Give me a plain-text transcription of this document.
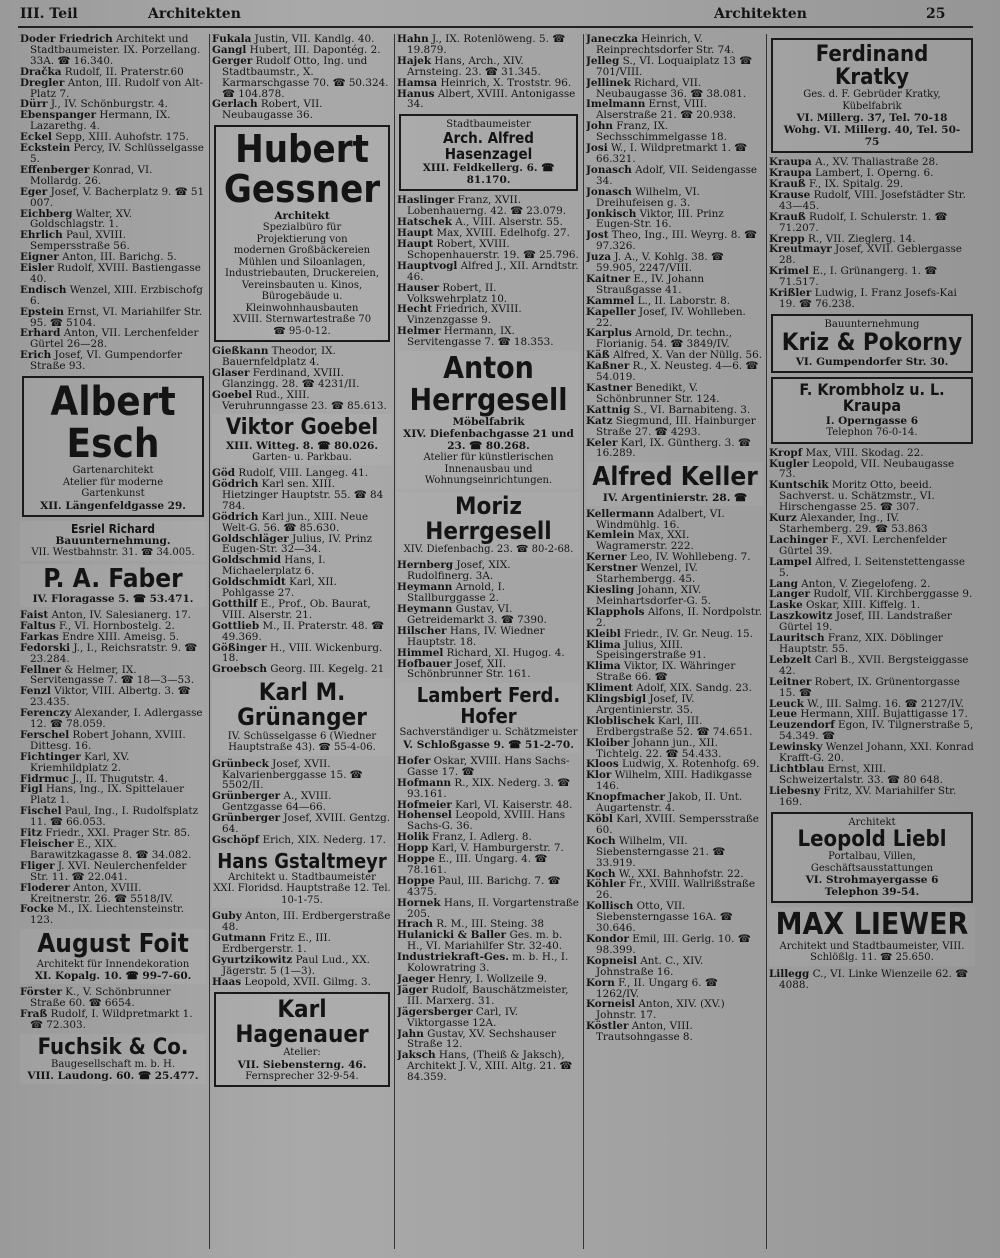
III. Teil	Architekten	Architekten	25

Doder Friedrich Architekt und Stadtbaumeister. IX. Porzellang. 33A. ☎ 16.340.

Dračka Rudolf, II. Praterstr.60

Dregler Anton, III. Rudolf von Alt-Platz 7.

Dürr J., IV. Schönburgstr. 4.

Ebenspanger Hermann, IX. Lazarethg. 4.

Eckel Sepp, XIII. Auhofstr. 175.

Eckstein Percy, IV. Schlüsselgasse 5.

Effenberger Konrad, VI. Mollardg. 26.

Eger Josef, V. Bacherplatz 9. ☎ 51 007.

Eichberg Walter, XV. Goldschlagstr. 1.

Ehrlich Paul, XVIII. Sempersstraße 56.

Eigner Anton, III. Barichg. 5.

Eisler Rudolf, XVIII. Bastiengasse 40.

Endisch Wenzel, XIII. Erzbischofg 6.

Epstein Ernst, VI. Mariahilfer Str. 95. ☎ 5104.

Erhard Anton, VII. Lerchenfelder Gürtel 26—28.

Erich Josef, VI. Gumpendorfer Straße 93.

Albert Esch
Gartenarchitekt
Atelier für moderne
Gartenkunst
XII. Längenfeldgasse 29.
Esriel Richard
Bauunternehmung.
VII. Westbahnstr. 31. ☎ 34.005.
P. A. Faber
IV. Floragasse 5. ☎ 53.471.

Faist Anton, IV. Salesianerg. 17.

Faltus F., VI. Hornbostelg. 2.

Farkas Endre XIII. Ameisg. 5.

Fedorski J., I., Reichsratstr. 9. ☎ 23.284.

Fellner & Helmer, IX. Servitengasse 7. ☎ 18—3—53.

Fenzl Viktor, VIII. Albertg. 3. ☎ 23.435.

Ferenczy Alexander, I. Adlergasse 12. ☎ 78.059.

Ferschel Robert Johann, XVIII. Dittesg. 16.

Fichtinger Karl, XV. Kriemhildplatz 2.

Fidrmuc J., II. Thugutstr. 4.

Figl Hans, Ing., IX. Spittelauer Platz 1.

Fischel Paul, Ing., I. Rudolfsplatz 11. ☎ 66.053.

Fitz Friedr., XXI. Prager Str. 85.

Fleischer E., XIX. Barawitzkagasse 8. ☎ 34.082.

Fliger J. XVI. Neulerchenfelder Str. 11. ☎ 22.041.

Floderer Anton, XVIII. Kreitnerstr. 26. ☎ 5518/IV.

Focke M., IX. Liechtensteinstr. 123.

August Foit
Architekt für Innendekoration
XI. Kopalg. 10. ☎ 99-7-60.

Förster K., V. Schönbrunner Straße 60. ☎ 6654.

Fraß Rudolf, I. Wildpretmarkt 1. ☎ 72.303.

Fuchsik & Co.
Baugesellschaft m. b. H.
VIII. Laudong. 60. ☎ 25.477.

Fukala Justin, VII. Kandlg. 40.

Gangl Hubert, III. Dapontég. 2.

Gerger Rudolf Otto, Ing. und Stadtbaumstr., X. Karmarschgasse 70. ☎ 50.324. ☎ 104.878.

Gerlach Robert, VII. Neubaugasse 36.

Hubert Gessner
Architekt
Spezialbüro für
Projektierung von
modernen Großbäckereien
Mühlen und Siloanlagen, Industriebauten, Druckereien, Vereinsbauten u. Kinos, Bürogebäude u. Kleinwohnhausbauten
XVIII. Sternwartestraße 70
☎ 95-0-12.

Gießkann Theodor, IX. Bauernfeldplatz 4.

Glaser Ferdinand, XVIII. Glanzingg. 28. ☎ 4231/II.

Goebel Rud., XIII. Veruhrunngasse 23. ☎ 85.613.

Viktor Goebel
XIII. Witteg. 8. ☎ 80.026.
Garten- u. Parkbau.

Göd Rudolf, VIII. Langeg. 41.

Gödrich Karl sen. XIII. Hietzinger Hauptstr. 55. ☎ 84 784.

Gödrich Karl jun., XIII. Neue Welt-G. 56. ☎ 85.630.

Goldschläger Julius, IV. Prinz Eugen-Str. 32—34.

Goldschmid Hans, I. Michaelerplatz 6.

Goldschmidt Karl, XII. Pohlgasse 27.

Gotthilf E., Prof., Ob. Baurat, VIII. Alserstr. 21.

Gottlieb M., II. Praterstr. 48. ☎ 49.369.

Gößinger H., VIII. Wickenburg. 18.

Groebsch Georg. III. Kegelg. 21

Karl M. Grünanger
IV. Schüsselgasse 6 (Wiedner Hauptstraße 43). ☎ 55-4-06.

Grünbeck Josef, XVII. Kalvarienberggasse 15. ☎ 5502/II.

Grünberger A., XVIII. Gentzgasse 64—66.

Grünberger Josef, XVIII. Gentzg. 64.

Gschöpf Erich, XIX. Nederg. 17.

Hans Gstaltmeyr
Architekt u. Stadtbaumeister
XXI. Floridsd. Hauptstraße 12. Tel. 10-1-75.

Guby Anton, III. Erdbergerstraße 48.

Gutmann Fritz E., III. Erdbergerstr. 1.

Gyurtzikowitz Paul Lud., XX. Jägerstr. 5 (1—3).

Haas Leopold, XVII. Gilmg. 3.

Karl Hagenauer
Atelier:
VII. Siebensterng. 46.
Fernsprecher 32-9-54.

Hahn J., IX. Rotenlöweng. 5. ☎ 19.879.

Hajek Hans, Arch., XIV. Arnsteing. 23. ☎ 31.345.

Hamsa Heinrich, X. Troststr. 96.

Hanus Albert, XVIII. Antonigasse 34.

Stadtbaumeister
Arch. Alfred Hasenzagel
XIII. Feldkellerg. 6. ☎ 81.170.

Haslinger Franz, XVII. Lobenhauerng. 42. ☎ 23.079.

Hatschek A., VIII. Alserstr. 55.

Haupt Max, XVIII. Edelhofg. 27.

Haupt Robert, XVIII. Schopenhauerstr. 19. ☎ 25.796.

Hauptvogl Alfred J., XII. Arndtstr. 46.

Hauser Robert, II. Volkswehrplatz 10.

Hecht Friedrich, XVIII. Vinzenzgasse 9.

Helmer Hermann, IX. Servitengasse 7. ☎ 18.353.

Anton Herrgesell
Möbelfabrik
XIV. Diefenbachgasse 21 und 23. ☎ 80.268.
Atelier für künstlerischen Innenausbau und Wohnungseinrichtungen.
Moriz Herrgesell
XIV. Diefenbachg. 23. ☎ 80-2-68.

Hernberg Josef, XIX. Rudolfinerg. 3A.

Heymann Arnold, I. Stallburggasse 2.

Heymann Gustav, VI. Getreidemarkt 3. ☎ 7390.

Hilscher Hans, IV. Wiedner Hauptstr. 18.

Himmel Richard, XI. Hugog. 4.

Hofbauer Josef, XII. Schönbrunner Str. 161.

Lambert Ferd. Hofer
Sachverständiger u. Schätzmeister
V. Schloßgasse 9. ☎ 51-2-70.

Hofer Oskar, XVIII. Hans Sachs-Gasse 17. ☎

Hofmann R., XIX. Nederg. 3. ☎ 93.161.

Hofmeier Karl, VI. Kaiserstr. 48.

Hohensel Leopold, XVIII. Hans Sachs-G. 36.

Holik Franz, I. Adlerg. 8.

Hopp Karl, V. Hamburgerstr. 7.

Hoppe E., III. Ungarg. 4. ☎ 78.161.

Hoppe Paul, III. Barichg. 7. ☎ 4375.

Hornek Hans, II. Vorgartenstraße 205.

Hrach R. M., III. Steing. 38

Hulanicki & Baller Ges. m. b. H., VI. Mariahilfer Str. 32-40.

Industriekraft-Ges. m. b. H., I. Kolowratring 3.

Jaeger Henry, I. Wollzeile 9.

Jäger Rudolf, Bauschätzmeister, III. Marxerg. 31.

Jägersberger Carl, IV. Viktorgasse 12A.

Jahn Gustav, XV. Sechshauser Straße 12.

Jaksch Hans, (Theiß & Jaksch), Architekt J. V., XIII. Altg. 21. ☎ 84.359.

Janeczka Heinrich, V. Reinprechtsdorfer Str. 74.

Jelleg S., VI. Loquaiplatz 13 ☎ 701/VIII.

Jellinek Richard, VII. Neubaugasse 36. ☎ 38.081.

Imelmann Ernst, VIII. Alserstraße 21. ☎ 20.938.

John Franz, IX. Sechsschimmelgasse 18.

Josi W., I. Wildpretmarkt 1. ☎ 66.321.

Jonasch Adolf, VII. Seidengasse 34.

Jonasch Wilhelm, VI. Dreihufeisen g. 3.

Jonkisch Viktor, III. Prinz Eugen-Str. 16.

Jost Theo, Ing., III. Weyrg. 8. ☎ 97.326.

Juza J. A., V. Kohlg. 38. ☎ 59.905, 2247/VIII.

Kaitner E., IV. Johann Straußgasse 41.

Kammel L., II. Laborstr. 8.

Kapeller Josef, IV. Wohlleben. 22.

Karplus Arnold, Dr. techn., Florianig. 54. ☎ 3849/IV.

Käß Alfred, X. Van der Nüllg. 56.

Kaßner R., X. Neusteg. 4—6. ☎ 54.019.

Kastner Benedikt, V. Schönbrunner Str. 124.

Kattnig S., VI. Barnabiteng. 3.

Katz Siegmund, III. Hainburger Straße 27. ☎ 4293.

Keler Karl, IX. Güntherg. 3. ☎ 16.289.

Alfred Keller
IV. Argentinierstr. 28. ☎

Kellermann Adalbert, VI. Windmühlg. 16.

Kemlein Max, XXI. Wagramerstr. 222.

Kerner Leo, IV. Wohllebeng. 7.

Kerstner Wenzel, IV. Starhembergg. 45.

Kiesling Johann, XIV. Meinhartsdorfer-G. 5.

Klapphols Alfons, II. Nordpolstr. 2.

Kleibl Friedr., IV. Gr. Neug. 15.

Klima Julius, XIII. Speisingerstraße 91.

Klima Viktor, IX. Währinger Straße 66. ☎

Kliment Adolf, XIX. Sandg. 23.

Klingsbigl Josef, IV. Argentinierstr. 35.

Kloblischek Karl, III. Erdbergstraße 52. ☎ 74.651.

Kloiber Johann jun., XII. Tichtelg. 22. ☎ 54.433.

Kloos Ludwig, X. Rotenhofg. 69.

Klor Wilhelm, XIII. Hadikgasse 146.

Knopfmacher Jakob, II. Unt. Augartenstr. 4.

Köbl Karl, XVIII. Sempersstraße 60.

Koch Wilhelm, VII. Siebensterngasse 21. ☎ 33.919.

Koch W., XXI. Bahnhofstr. 22.

Köhler Fr., XVIII. Wallrißstraße 26.

Kollisch Otto, VII. Siebensterngasse 16A. ☎ 30.646.

Kondor Emil, III. Gerlg. 10. ☎ 98.399.

Kopneisl Ant. C., XIV. Johnstraße 16.

Korn F., II. Ungarg 6. ☎ 1262/IV.

Korneisl Anton, XIV. (XV.) Johnstr. 17.

Köstler Anton, VIII. Trautsohngasse 8.

Ferdinand Kratky
Ges. d. F. Gebrüder Kratky, Kübelfabrik
VI. Millerg. 37, Tel. 70-18
Wohg. VI. Millerg. 40, Tel. 50-75

Kraupa A., XV. Thaliastraße 28.

Kraupa Lambert, I. Operng. 6.

Krauß F., IX. Spitalg. 29.

Krause Rudolf, VIII. Josefstädter Str. 43—45.

Krauß Rudolf, I. Schulerstr. 1. ☎ 71.207.

Krepp R., VII. Zieglerg. 14.

Kreutmayr Josef, XVII. Geblergasse 28.

Krimel E., I. Grünangerg. 1. ☎ 71.517.

Krißler Ludwig, I. Franz Josefs-Kai 19. ☎ 76.238.

Bauunternehmung
Kriz & Pokorny
VI. Gumpendorfer Str. 30.
F. Krombholz u. L. Kraupa
I. Operngasse 6
Telephon 76-0-14.

Kropf Max, VIII. Skodag. 22.

Kugler Leopold, VII. Neubaugasse 73.

Kuntschik Moritz Otto, beeid. Sachverst. u. Schätzmstr., VI. Hirschengasse 25. ☎ 307.

Kurz Alexander, Ing., IV. Starhemberg. 29. ☎ 53.863

Lachinger F., XVI. Lerchenfelder Gürtel 39.

Lampel Alfred, I. Seitenstettengasse 5.

Lang Anton, V. Ziegelofeng. 2.

Langer Rudolf, VII. Kirchberggasse 9.

Laske Oskar, XIII. Kiffelg. 1.

Laszkowitz Josef, III. Landstraßer Gürtel 19.

Lauritsch Franz, XIX. Döblinger Hauptstr. 55.

Lebzelt Carl B., XVII. Bergsteiggasse 42.

Leitner Robert, IX. Grünentorgasse 15. ☎

Leuck W., III. Salmg. 16. ☎ 2127/IV.

Leue Hermann, XIII. Bujattigasse 17.

Leuzendorf Egon, IV. Tilgnerstraße 5, 54.349. ☎

Lewinsky Wenzel Johann, XXI. Konrad Krafft-G. 20.

Lichtblau Ernst, XIII. Schweizertalstr. 33. ☎ 80 648.

Liebesny Fritz, XV. Mariahilfer Str. 169.

Architekt
Leopold Liebl
Portalbau, Villen, Geschäftsausstattungen
VI. Strohmayergasse 6
Telephon 39-54.
MAX LIEWER
Architekt und Stadtbaumeister, VIII. Schlößlg. 11. ☎ 25.650.

Lillegg C., VI. Linke Wienzeile 62. ☎ 4088.
